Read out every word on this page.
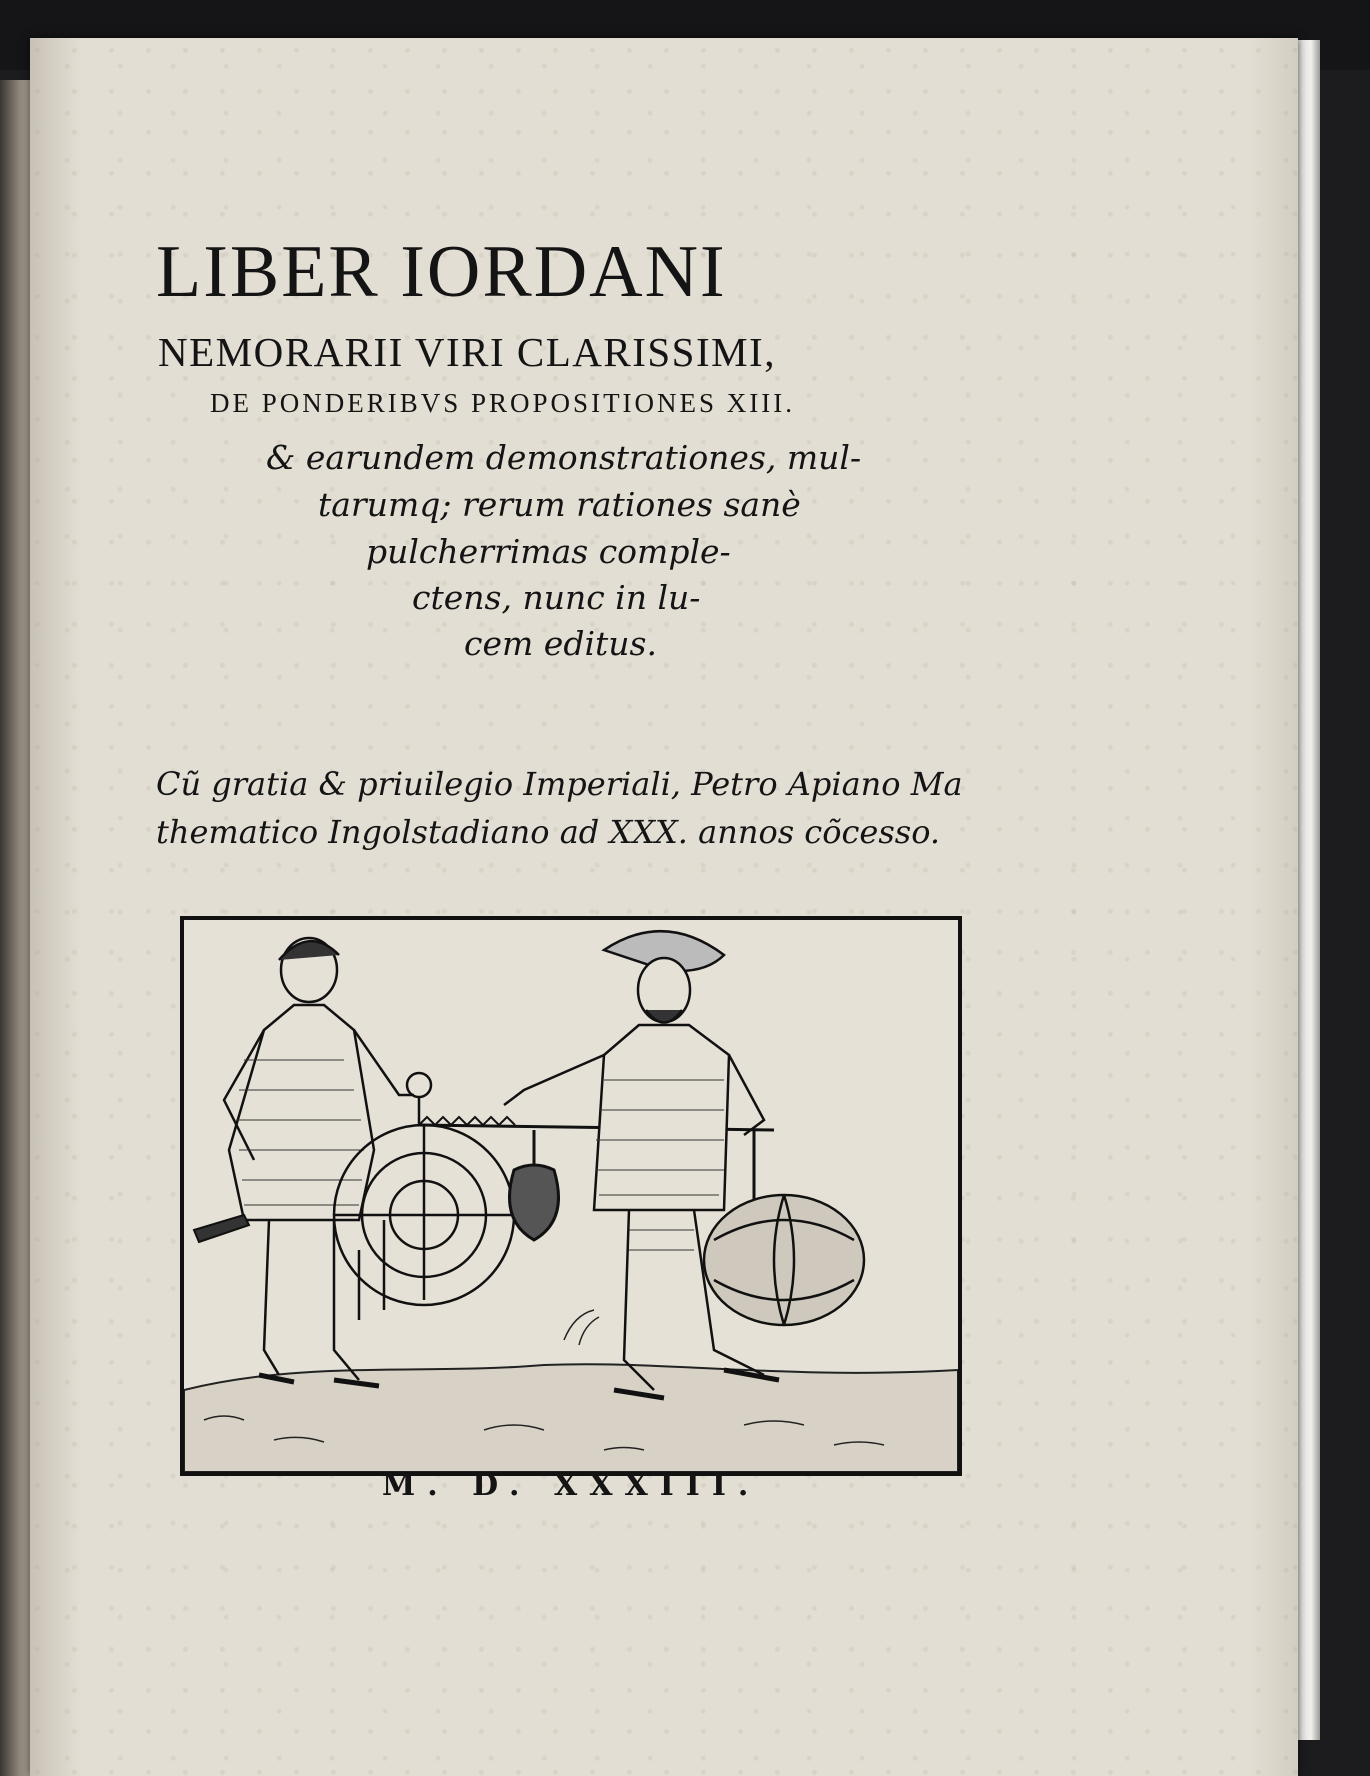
LIBER IORDANI
NEMORARII VIRI CLARISSIMI,
DE PONDERIBVS PROPOSITIONES XIII.
& earundem demonstrationes, mul-
tarumq; rerum rationes sanè
pulcherrimas comple-
ctens, nunc in lu-
cem editus.
Cũ gratia & priuilegio Imperiali, Petro Apiano Ma
thematico Ingolstadiano ad XXX. annos cõcesso.
M. D. XXXIII.
